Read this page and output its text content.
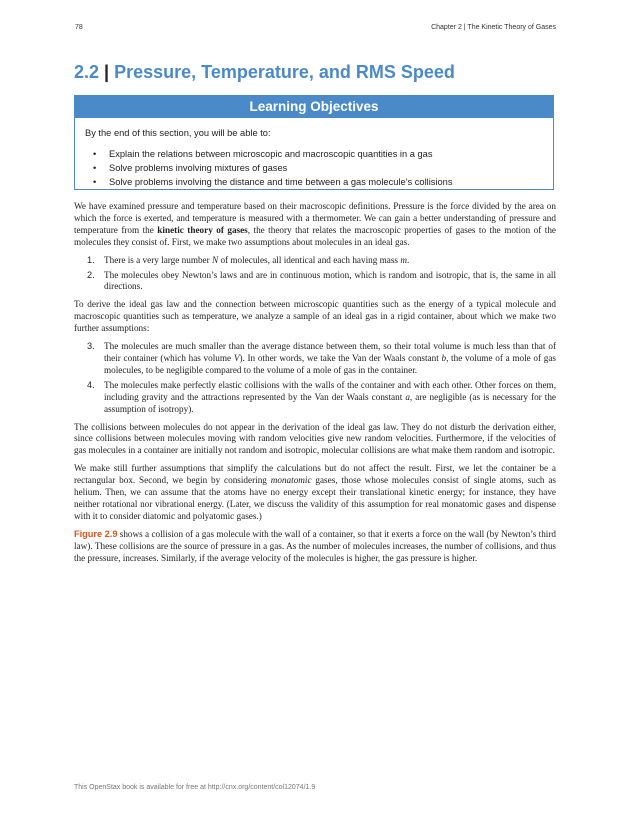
78	Chapter 2 | The Kinetic Theory of Gases
2.2 | Pressure, Temperature, and RMS Speed
Learning Objectives

By the end of this section, you will be able to:

• Explain the relations between microscopic and macroscopic quantities in a gas
• Solve problems involving mixtures of gases
• Solve problems involving the distance and time between a gas molecule’s collisions

We have examined pressure and temperature based on their macroscopic definitions. Pressure is the force divided by the area on which the force is exerted, and temperature is measured with a thermometer. We can gain a better understanding of pressure and temperature from the kinetic theory of gases, the theory that relates the macroscopic properties of gases to the motion of the molecules they consist of. First, we make two assumptions about molecules in an ideal gas.

1. There is a very large number N of molecules, all identical and each having mass m.
2. The molecules obey Newton’s laws and are in continuous motion, which is random and isotropic, that is, the same in all directions.

To derive the ideal gas law and the connection between microscopic quantities such as the energy of a typical molecule and macroscopic quantities such as temperature, we analyze a sample of an ideal gas in a rigid container, about which we make two further assumptions:

3. The molecules are much smaller than the average distance between them, so their total volume is much less than that of their container (which has volume V). In other words, we take the Van der Waals constant b, the volume of a mole of gas molecules, to be negligible compared to the volume of a mole of gas in the container.
4. The molecules make perfectly elastic collisions with the walls of the container and with each other. Other forces on them, including gravity and the attractions represented by the Van der Waals constant a, are negligible (as is necessary for the assumption of isotropy).

The collisions between molecules do not appear in the derivation of the ideal gas law. They do not disturb the derivation either, since collisions between molecules moving with random velocities give new random velocities. Furthermore, if the velocities of gas molecules in a container are initially not random and isotropic, molecular collisions are what make them random and isotropic.

We make still further assumptions that simplify the calculations but do not affect the result. First, we let the container be a rectangular box. Second, we begin by considering monatomic gases, those whose molecules consist of single atoms, such as helium. Then, we can assume that the atoms have no energy except their translational kinetic energy; for instance, they have neither rotational nor vibrational energy. (Later, we discuss the validity of this assumption for real monatomic gases and dispense with it to consider diatomic and polyatomic gases.)

Figure 2.9 shows a collision of a gas molecule with the wall of a container, so that it exerts a force on the wall (by Newton’s third law). These collisions are the source of pressure in a gas. As the number of molecules increases, the number of collisions, and thus the pressure, increases. Similarly, if the average velocity of the molecules is higher, the gas pressure is higher.

This OpenStax book is available for free at http://cnx.org/content/col12074/1.9
